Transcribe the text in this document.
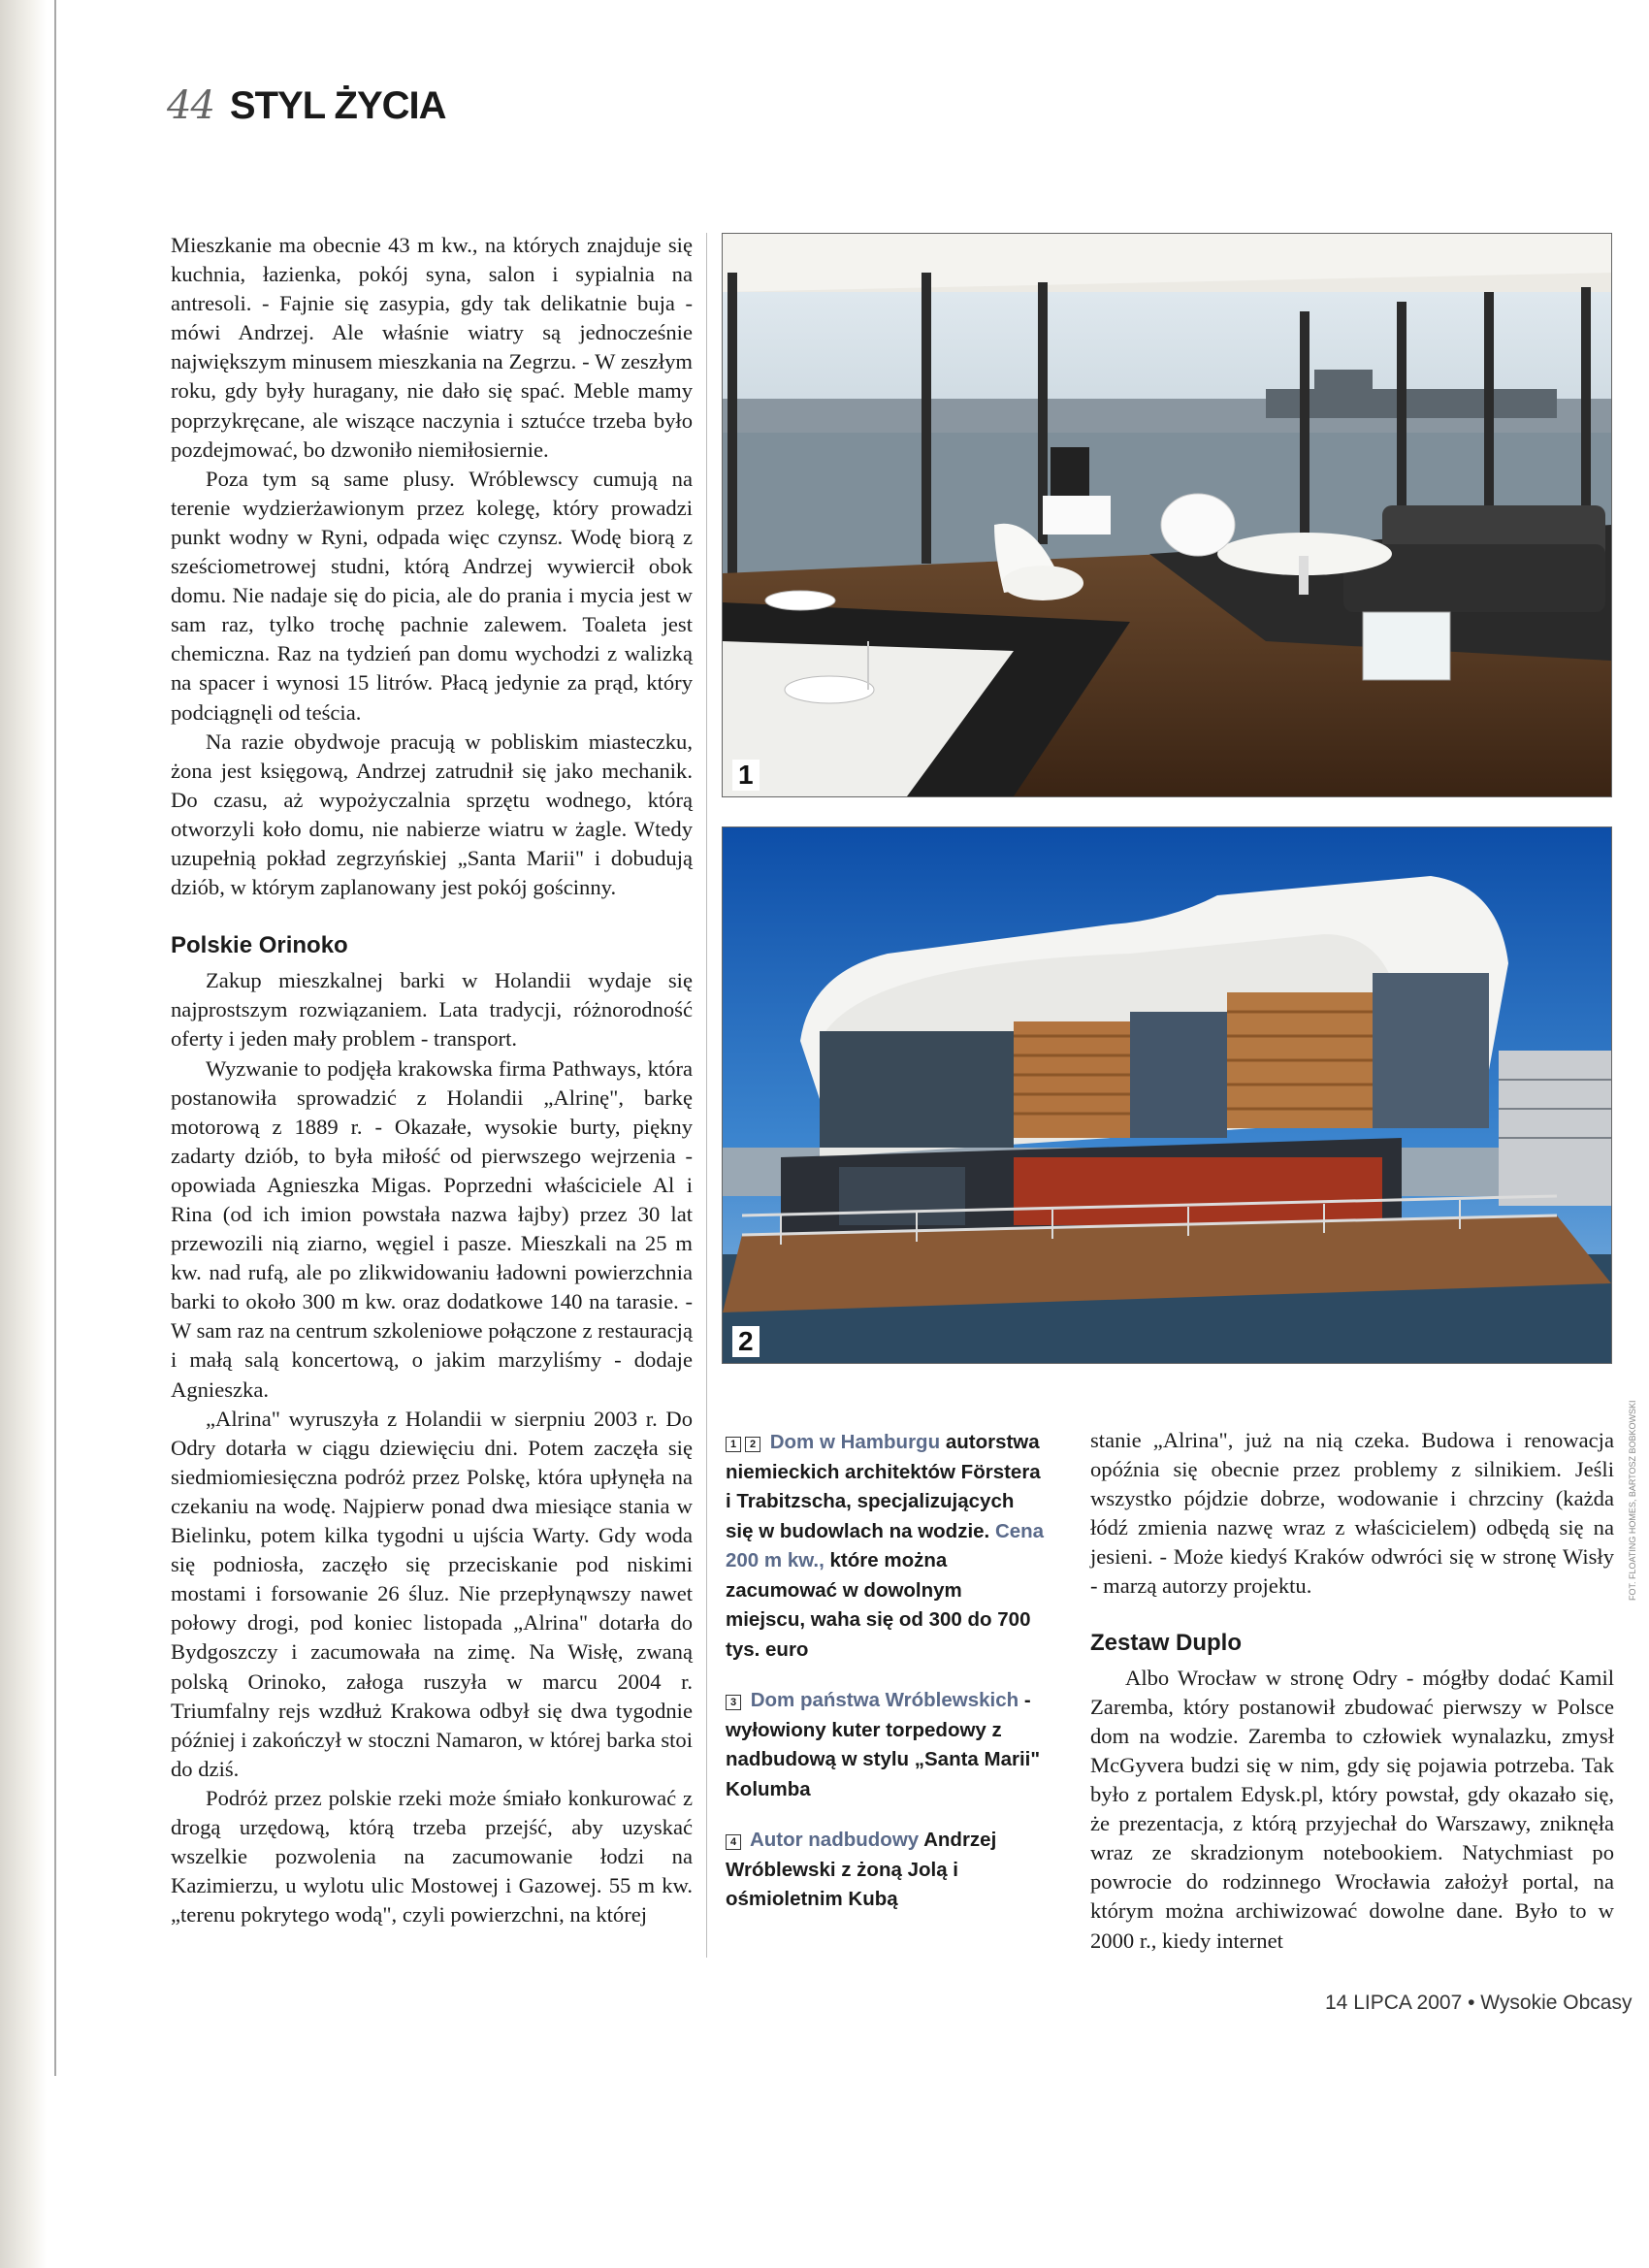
44 STYL ŻYCIA

Mieszkanie ma obecnie 43 m kw., na których znajduje się kuchnia, łazienka, pokój syna, salon i sypialnia na antresoli. - Fajnie się zasypia, gdy tak delikatnie buja - mówi Andrzej. Ale właśnie wiatry są jednocześnie największym minusem mieszkania na Zegrzu. - W zeszłym roku, gdy były huragany, nie dało się spać. Meble mamy poprzykręcane, ale wiszące naczynia i sztućce trzeba było pozdejmować, bo dzwoniło niemiłosiernie.

Poza tym są same plusy. Wróblewscy cumują na terenie wydzierżawionym przez kolegę, który prowadzi punkt wodny w Ryni, odpada więc czynsz. Wodę biorą z sześciometrowej studni, którą Andrzej wywiercił obok domu. Nie nadaje się do picia, ale do prania i mycia jest w sam raz, tylko trochę pachnie zalewem. Toaleta jest chemiczna. Raz na tydzień pan domu wychodzi z walizką na spacer i wynosi 15 litrów. Płacą jedynie za prąd, który podciągnęli od teścia.

Na razie obydwoje pracują w pobliskim miasteczku, żona jest księgową, Andrzej zatrudnił się jako mechanik. Do czasu, aż wypożyczalnia sprzętu wodnego, którą otworzyli koło domu, nie nabierze wiatru w żagle. Wtedy uzupełnią pokład zegrzyńskiej „Santa Marii" i dobudują dziób, w którym zaplanowany jest pokój gościnny.

Polskie Orinoko

Zakup mieszkalnej barki w Holandii wydaje się najprostszym rozwiązaniem. Lata tradycji, różnorodność oferty i jeden mały problem - transport.

Wyzwanie to podjęła krakowska firma Pathways, która postanowiła sprowadzić z Holandii „Alrinę", barkę motorową z 1889 r. - Okazałe, wysokie burty, piękny zadarty dziób, to była miłość od pierwszego wejrzenia - opowiada Agnieszka Migas. Poprzedni właściciele Al i Rina (od ich imion powstała nazwa łajby) przez 30 lat przewozili nią ziarno, węgiel i pasze. Mieszkali na 25 m kw. nad rufą, ale po zlikwidowaniu ładowni powierzchnia barki to około 300 m kw. oraz dodatkowe 140 na tarasie. - W sam raz na centrum szkoleniowe połączone z restauracją i małą salą koncertową, o jakim marzyliśmy - dodaje Agnieszka.

„Alrina" wyruszyła z Holandii w sierpniu 2003 r. Do Odry dotarła w ciągu dziewięciu dni. Potem zaczęła się siedmiomiesięczna podróż przez Polskę, która upłynęła na czekaniu na wodę. Najpierw ponad dwa miesiące stania w Bielinku, potem kilka tygodni u ujścia Warty. Gdy woda się podniosła, zaczęło się przeciskanie pod niskimi mostami i forsowanie 26 śluz. Nie przepłynąwszy nawet połowy drogi, pod koniec listopada „Alrina" dotarła do Bydgoszczy i zacumowała na zimę. Na Wisłę, zwaną polską Orinoko, załoga ruszyła w marcu 2004 r. Triumfalny rejs wzdłuż Krakowa odbył się dwa tygodnie później i zakończył w stoczni Namaron, w której barka stoi do dziś.

Podróż przez polskie rzeki może śmiało konkurować z drogą urzędową, którą trzeba przejść, aby uzyskać wszelkie pozwolenia na zacumowanie łodzi na Kazimierzu, u wylotu ulic Mostowej i Gazowej. 55 m kw. „terenu pokrytego wodą", czyli powierzchni, na której

1
2
1 2 Dom w Hamburgu autorstwa niemieckich architektów Förstera i Trabitzscha, specjalizujących się w budowlach na wodzie. Cena 200 m kw., które można zacumować w dowolnym miejscu, waha się od 300 do 700 tys. euro
3 Dom państwa Wróblewskich - wyłowiony kuter torpedowy z nadbudową w stylu „Santa Marii" Kolumba
4 Autor nadbudowy Andrzej Wróblewski z żoną Jolą i ośmioletnim Kubą

stanie „Alrina", już na nią czeka. Budowa i renowacja opóźnia się obecnie przez problemy z silnikiem. Jeśli wszystko pójdzie dobrze, wodowanie i chrzciny (każda łódź zmienia nazwę wraz z właścicielem) odbędą się na jesieni. - Może kiedyś Kraków odwróci się w stronę Wisły - marzą autorzy projektu.

Zestaw Duplo

Albo Wrocław w stronę Odry - mógłby dodać Kamil Zaremba, który postanowił zbudować pierwszy w Polsce dom na wodzie. Zaremba to człowiek wynalazku, zmysł McGyvera budzi się w nim, gdy się pojawia potrzeba. Tak było z portalem Edysk.pl, który powstał, gdy okazało się, że prezentacja, z którą przyjechał do Warszawy, zniknęła wraz ze skradzionym notebookiem. Natychmiast po powrocie do rodzinnego Wrocławia założył portal, na którym można archiwizować dowolne dane. Było to w 2000 r., kiedy internet

FOT. FLOATING HOMES, BARTOSZ BOBKOWSKI
14 LIPCA 2007 • Wysokie Obcasy
